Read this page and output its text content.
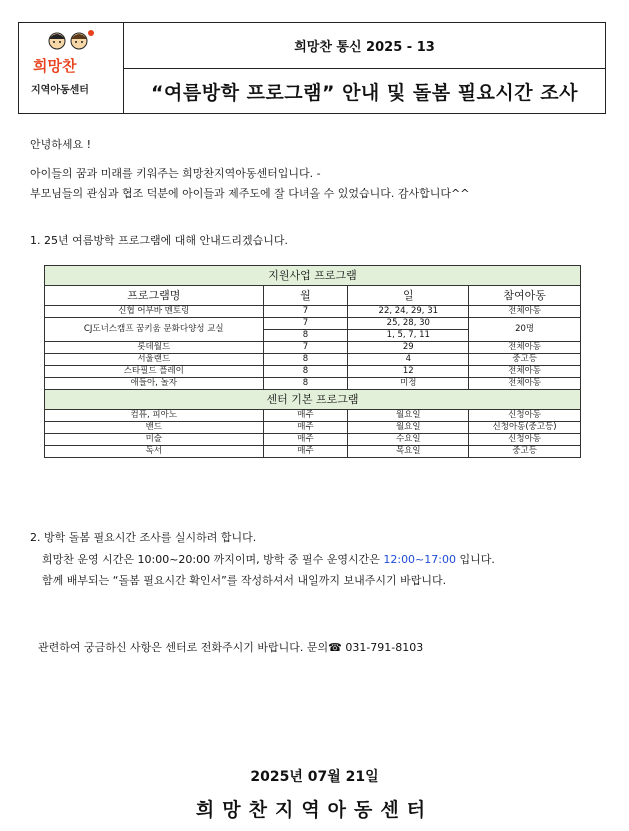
희망찬
지역아동센터
희망찬 통신 2025 - 13
“여름방학 프로그램” 안내 및 돌봄 필요시간 조사
안녕하세요 !
아이들의 꿈과 미래를 키워주는 희망찬지역아동센터입니다. -
부모님들의 관심과 협조 덕분에 아이들과 제주도에 잘 다녀올 수 있었습니다. 감사합니다^^
1. 25년 여름방학 프로그램에 대해 안내드리겠습니다.
지원사업 프로그램			
프로그램명	월	일	참여아동
신협 어부바 멘토링	7	22, 24, 29, 31	전체아동
CJ도너스캠프 꿈키움 문화다양성 교실	7	25, 28, 30	20명
	8	1, 5, 7, 11	
롯데월드	7	29	전체아동
서울랜드	8	4	중고등
스타필드 플레이	8	12	전체아동
애들아, 놀자	8	미정	전체아동
센터 기본 프로그램			
컴퓨, 피아노	매주	월요일	신청아동
밴드	매주	월요일	신청아동(중고등)
미술	매주	수요일	신청아동
독서	매주	목요일	중고등
2. 방학 돌봄 필요시간 조사를 실시하려 합니다.
희망찬 운영 시간은 10:00~20:00 까지이며, 방학 중 필수 운영시간은 12:00~17:00 입니다.
함께 배부되는 “돌봄 필요시간 확인서”를 작성하셔서 내일까지 보내주시기 바랍니다.
관련하여 궁금하신 사항은 센터로 전화주시기 바랍니다. 문의☎ 031-791-8103
2025년 07월 21일
희망찬지역아동센터
